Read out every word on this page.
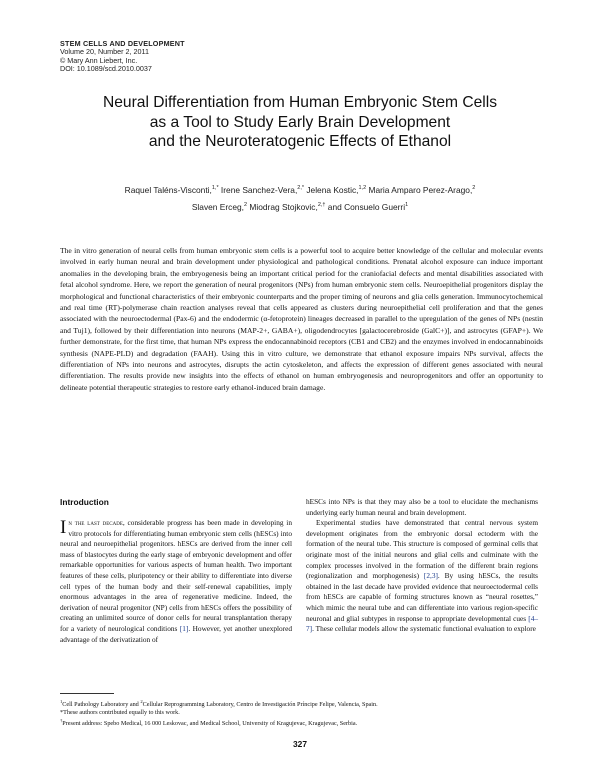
STEM CELLS AND DEVELOPMENT
Volume 20, Number 2, 2011
© Mary Ann Liebert, Inc.
DOI: 10.1089/scd.2010.0037
Neural Differentiation from Human Embryonic Stem Cells
as a Tool to Study Early Brain Development
and the Neuroteratogenic Effects of Ethanol
Raquel Taléns-Visconti,$^{1,*}$ Irene Sanchez-Vera,$^{2,*}$ Jelena Kostic,$^{1,2}$ Maria Amparo Perez-Arago,$^2$
Slaven Erceg,$^2$ Miodrag Stojkovic,$^{2,\dagger}$ and Consuelo Guerri$^1$
The in vitro generation of neural cells from human embryonic stem cells is a powerful tool to acquire better knowledge of the cellular and molecular events involved in early human neural and brain development under physiological and pathological conditions. Prenatal alcohol exposure can induce important anomalies in the developing brain, the embryogenesis being an important critical period for the craniofacial defects and mental disabilities associated with fetal alcohol syndrome. Here, we report the generation of neural progenitors (NPs) from human embryonic stem cells. Neuroepithelial progenitors display the morphological and functional characteristics of their embryonic counterparts and the proper timing of neurons and glia cells generation. Immunocytochemical and real time (RT)-polymerase chain reaction analyses reveal that cells appeared as clusters during neuroepithelial cell proliferation and that the genes associated with the neuroectodermal (Pax-6) and the endodermic (α-fetoprotein) lineages decreased in parallel to the upregulation of the genes of NPs (nestin and Tuj1), followed by their differentiation into neurons (MAP-2+, GABA+), oligodendrocytes [galactocerebroside (GalC+)], and astrocytes (GFAP+). We further demonstrate, for the first time, that human NPs express the endocannabinoid receptors (CB1 and CB2) and the enzymes involved in endocannabinoids synthesis (NAPE-PLD) and degradation (FAAH). Using this in vitro culture, we demonstrate that ethanol exposure impairs NPs survival, affects the differentiation of NPs into neurons and astrocytes, disrupts the actin cytoskeleton, and affects the expression of different genes associated with neural differentiation. The results provide new insights into the effects of ethanol on human embryogenesis and neuroprogenitors and offer an opportunity to delineate potential therapeutic strategies to restore early ethanol-induced brain damage.
Introduction

In the last decade, considerable progress has been made in developing in vitro protocols for differentiating human embryonic stem cells (hESCs) into neural and neuroepithelial progenitors. hESCs are derived from the inner cell mass of blastocytes during the early stage of embryonic development and offer remarkable opportunities for various aspects of human health. Two important features of these cells, pluripotency or their ability to differentiate into diverse cell types of the human body and their self-renewal capabilities, imply enormous advantages in the area of regenerative medicine. Indeed, the derivation of neural progenitor (NP) cells from hESCs offers the possibility of creating an unlimited source of donor cells for neural transplantation therapy for a variety of neurological conditions [1]. However, yet another unexplored advantage of the derivatization of

hESCs into NPs is that they may also be a tool to elucidate the mechanisms underlying early human neural and brain development.

Experimental studies have demonstrated that central nervous system development originates from the embryonic dorsal ectoderm with the formation of the neural tube. This structure is composed of germinal cells that originate most of the initial neurons and glial cells and culminate with the complex processes involved in the formation of the different brain regions (regionalization and morphogenesis) [2,3]. By using hESCs, the results obtained in the last decade have provided evidence that neuroectodermal cells from hESCs are capable of forming structures known as “neural rosettes,” which mimic the neural tube and can differentiate into various region-specific neuronal and glial subtypes in response to appropriate developmental cues [4–7]. These cellular models allow the systematic functional evaluation to explore

$^1$Cell Pathology Laboratory and $^2$Cellular Reprogramming Laboratory, Centro de Investigación Príncipe Felipe, Valencia, Spain.
*These authors contributed equally to this work.
†Present address: Spebo Medical, 16 000 Leskovac, and Medical School, University of Kragujevac, Kragujevac, Serbia.
327
